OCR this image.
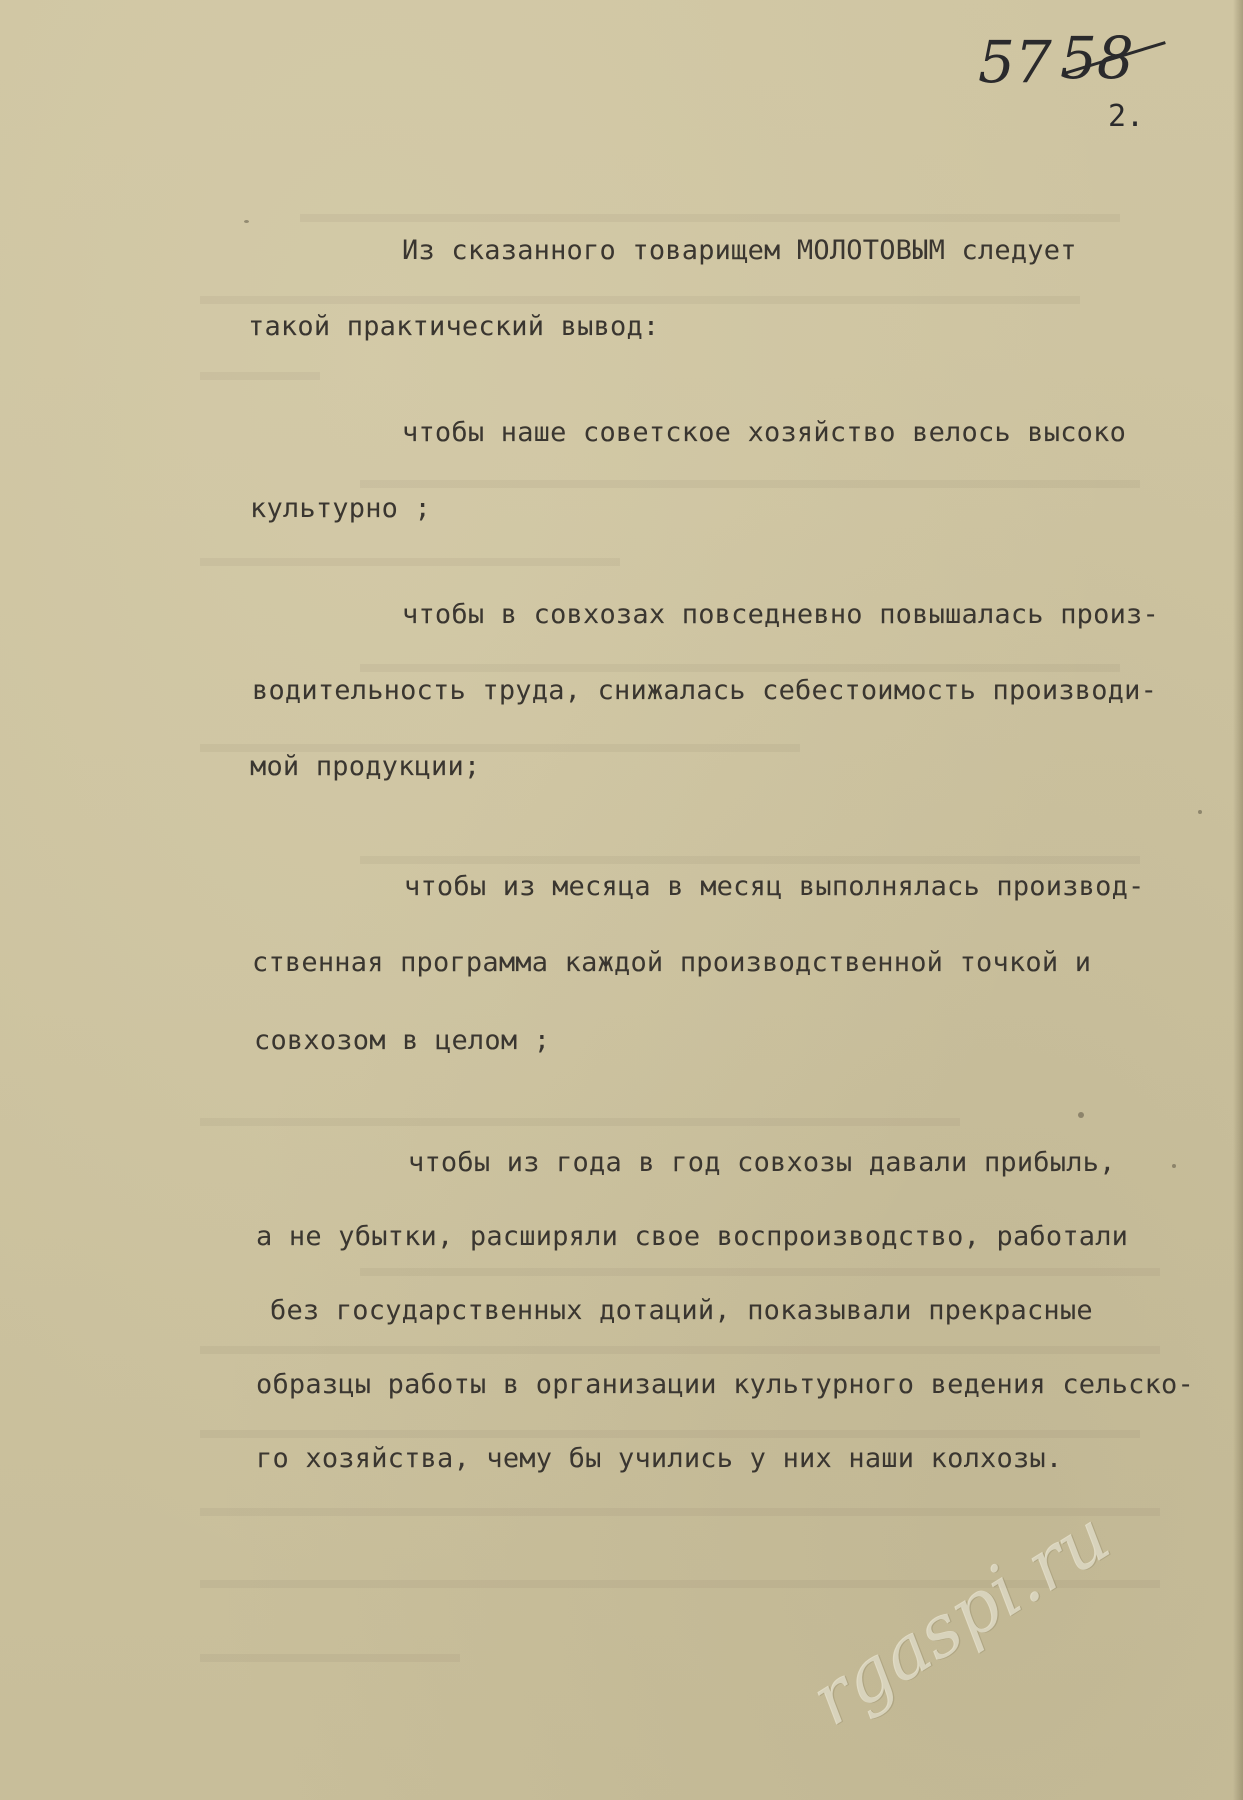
57 58

2.

Из сказанного товарищем МОЛОТОВЫМ следует

такой практический вывод:

чтобы наше советское хозяйство велось высоко

культурно ;

чтобы в совхозах повседневно повышалась произ-

водительность труда, снижалась себестоимость производи-

мой продукции;

чтобы из месяца в месяц выполнялась производ-

ственная программа каждой производственной точкой и

совхозом в целом ;

чтобы из года в год совхозы давали прибыль,

а не убытки, расширяли свое воспроизводство, работали

без государственных дотаций, показывали прекрасные

образцы работы в организации культурного ведения сельско-

го хозяйства, чему бы учились у них наши колхозы.

rgaspi.ru
